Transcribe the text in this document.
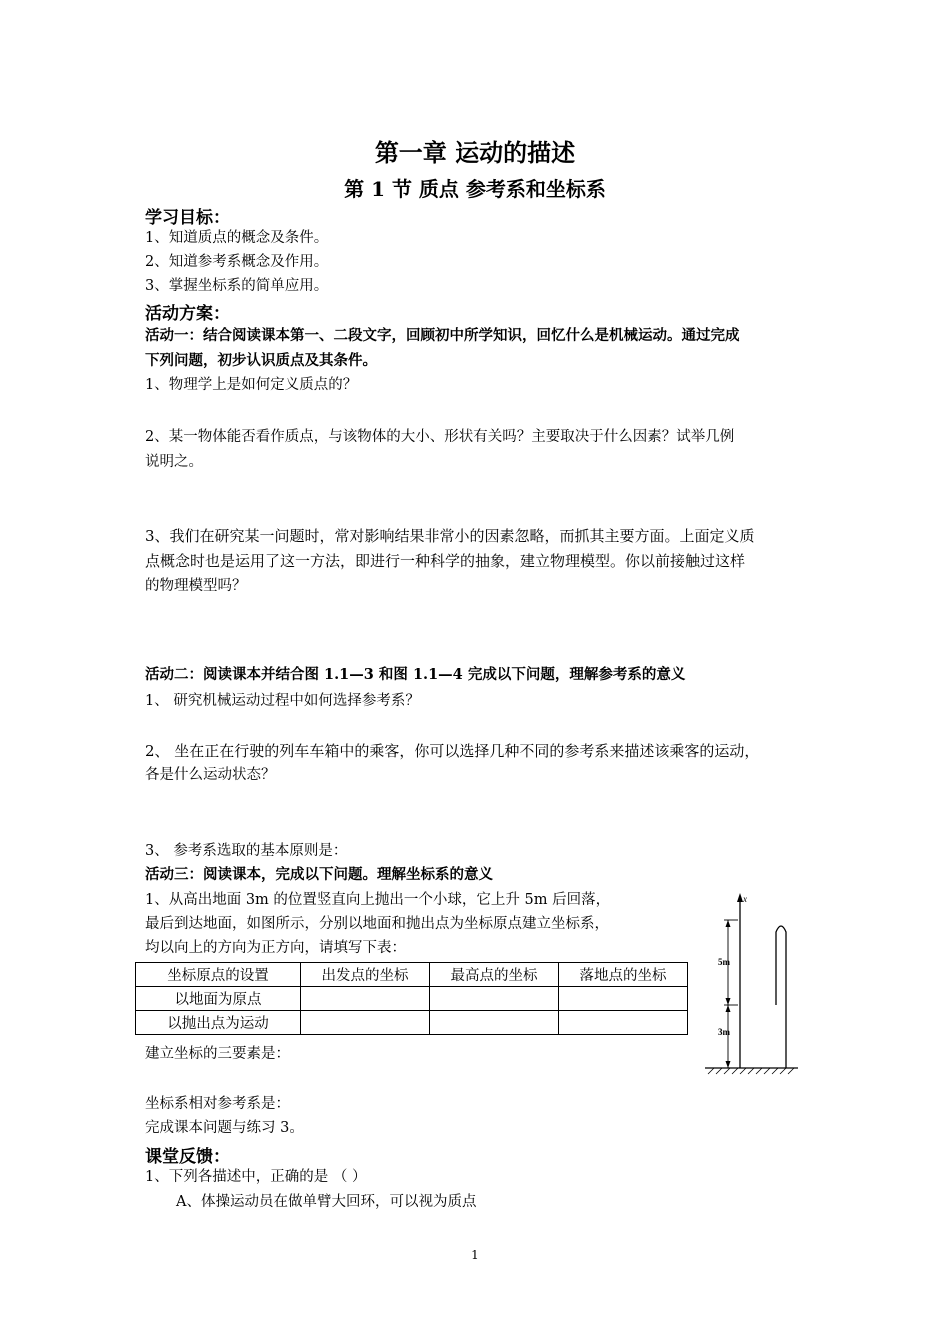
第一章 运动的描述
第 1 节 质点 参考系和坐标系
学习目标：
1、知道质点的概念及条件。
2、知道参考系概念及作用。
3、掌握坐标系的简单应用。
活动方案：
活动一：结合阅读课本第一、二段文字，回顾初中所学知识，回忆什么是机械运动。通过完成
下列问题，初步认识质点及其条件。
1、物理学上是如何定义质点的？
2、某一物体能否看作质点，与该物体的大小、形状有关吗？主要取决于什么因素？试举几例
说明之。
3、我们在研究某一问题时，常对影响结果非常小的因素忽略，而抓其主要方面。上面定义质
点概念时也是运用了这一方法，即进行一种科学的抽象，建立物理模型。你以前接触过这样
的物理模型吗？
活动二：阅读课本并结合图 1.1—3 和图 1.1—4 完成以下问题，理解参考系的意义
1、 研究机械运动过程中如何选择参考系？
2、 坐在正在行驶的列车车箱中的乘客，你可以选择几种不同的参考系来描述该乘客的运动，
各是什么运动状态？
3、 参考系选取的基本原则是：
活动三：阅读课本，完成以下问题。理解坐标系的意义
1、从高出地面 3m 的位置竖直向上抛出一个小球，它上升 5m 后回落，
最后到达地面，如图所示，分别以地面和抛出点为坐标原点建立坐标系，
均以向上的方向为正方向，请填写下表：
坐标原点的设置	出发点的坐标	最高点的坐标	落地点的坐标
以地面为原点			
以抛出点为运动			
x
5m
3m
建立坐标的三要素是：
坐标系相对参考系是：
完成课本问题与练习 3。
课堂反馈：
1、下列各描述中，正确的是 （ ）
A、体操运动员在做单臂大回环，可以视为质点
1
